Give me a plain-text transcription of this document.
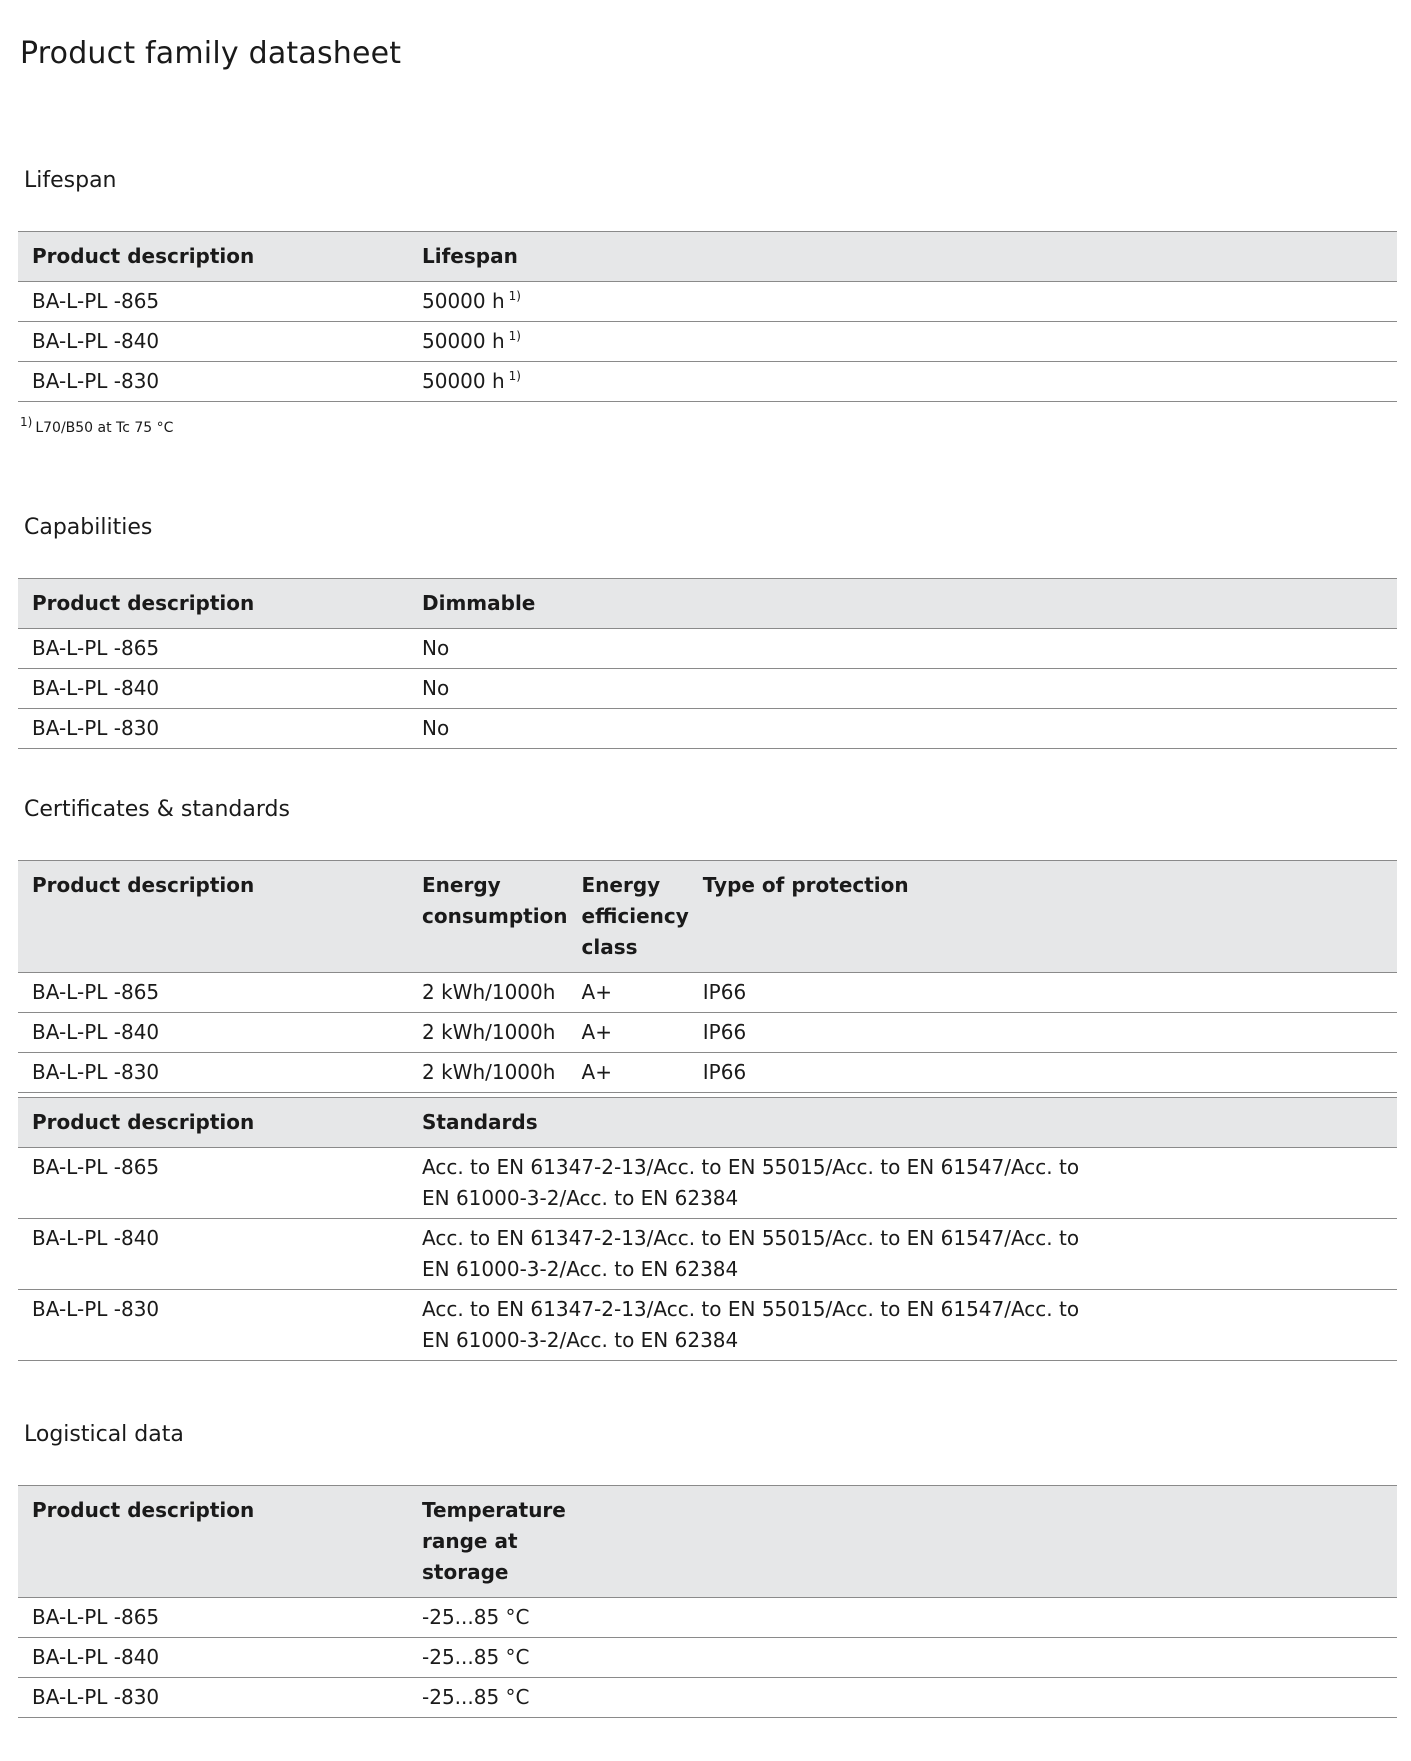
Product family datasheet
Lifespan
Product description	Lifespan
BA-L-PL -865	50000 h $^{1)}$
BA-L-PL -840	50000 h $^{1)}$
BA-L-PL -830	50000 h $^{1)}$

$^{1)}$ L70/B50 at Tc 75 °C

Capabilities
Product description	Dimmable
BA-L-PL -865	No
BA-L-PL -840	No
BA-L-PL -830	No
Certificates & standards
Product description	Energy consumption	Energy efficiency class	Type of protection
BA-L-PL -865	2 kWh/1000h	A+	IP66
BA-L-PL -840	2 kWh/1000h	A+	IP66
BA-L-PL -830	2 kWh/1000h	A+	IP66
Product description	Standards
BA-L-PL -865	Acc. to EN 61347-2-13/Acc. to EN 55015/Acc. to EN 61547/Acc. to EN 61000-3-2/Acc. to EN 62384
BA-L-PL -840	Acc. to EN 61347-2-13/Acc. to EN 55015/Acc. to EN 61547/Acc. to EN 61000-3-2/Acc. to EN 62384
BA-L-PL -830	Acc. to EN 61347-2-13/Acc. to EN 55015/Acc. to EN 61547/Acc. to EN 61000-3-2/Acc. to EN 62384
Logistical data
Product description	Temperature range at storage

BA-L-PL -865	-25...85 °C
BA-L-PL -840	-25...85 °C
BA-L-PL -830	-25...85 °C
